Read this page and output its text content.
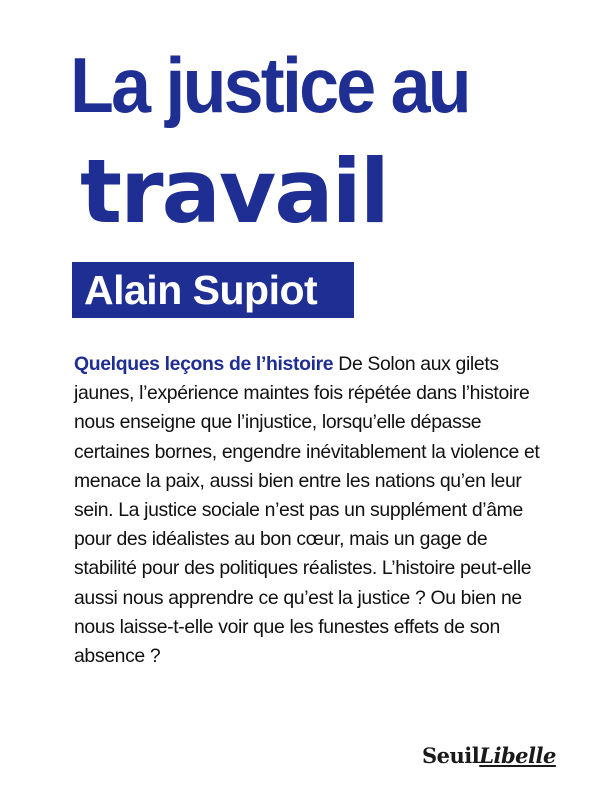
La justice au
travail
Alain Supiot
Quelques leçons de l’histoire De Solon aux gilets jaunes, l’expérience maintes fois répétée dans l’histoire nous enseigne que l’injustice, lorsqu’elle dépasse certaines bornes, engendre inévitablement la violence et menace la paix, aussi bien entre les nations qu’en leur sein. La justice sociale n’est pas un supplément d’âme pour des idéalistes au bon cœur, mais un gage de stabilité pour des politiques réalistes. L’histoire peut-elle aussi nous apprendre ce qu’est la justice ? Ou bien ne nous laisse-t-elle voir que les funestes effets de son absence ?
SeuilLibelle
